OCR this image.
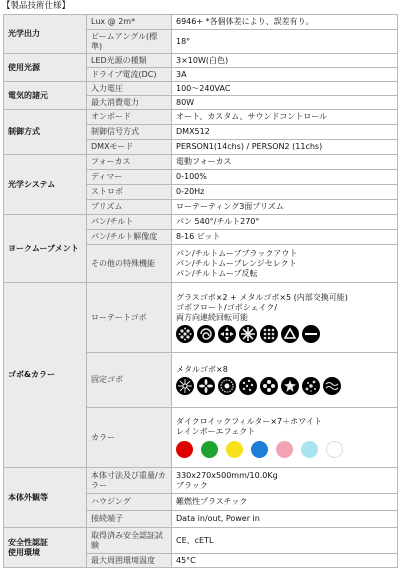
【製品技術仕様】
光学出力	Lux @ 2m*	6946+ *各個体差により、誤差有り。
	ビームアングル(標準)	18°
使用光源	LED光源の種類	3×10W(白色)
	ドライブ電流(DC)	3A
電気的諸元	入力電圧	100～240VAC
	最大消費電力	80W
制御方式	オンボード	オート、カスタム、サウンドコントロール
	制御信号方式	DMX512
	DMXモード	PERSON1(14chs) / PERSON2 (11chs)
光学システム	フォーカス	電動フォーカス
	ディマー	0-100%
	ストロボ	0-20Hz
	プリズム	ローテーティング3面プリズム
ヨークムーブメント	パン/チルト	パン 540°/チルト270°
	パン/チルト解像度	8-16 ビット
	その他の特殊機能	パン/チルトムーブブラックアウト
パン/チルトムーブレンジセレクト
パン/チルトムーブ反転

ゴボ&カラー	ローテートゴボ	グラスゴボ×2 + メタルゴボ×5 (内部交換可能)
ゴボフロート/ゴボシェイク/
両方向連続回転可能

	固定ゴボ	メタルゴボ×8

	カラー	ダイクロイックフィルター×7＋ホワイト
レインボーエフェクト

本体外観等	本体寸法及び重量/カラー	330x270x500mm/10.0Kg
ブラック

	ハウジング	難燃性プラスチック
	接続端子	Data in/out, Power in

安全性認証
使用環境	取得済み安全認証試験	CE、cETL
	最大周囲環境温度	45°C
